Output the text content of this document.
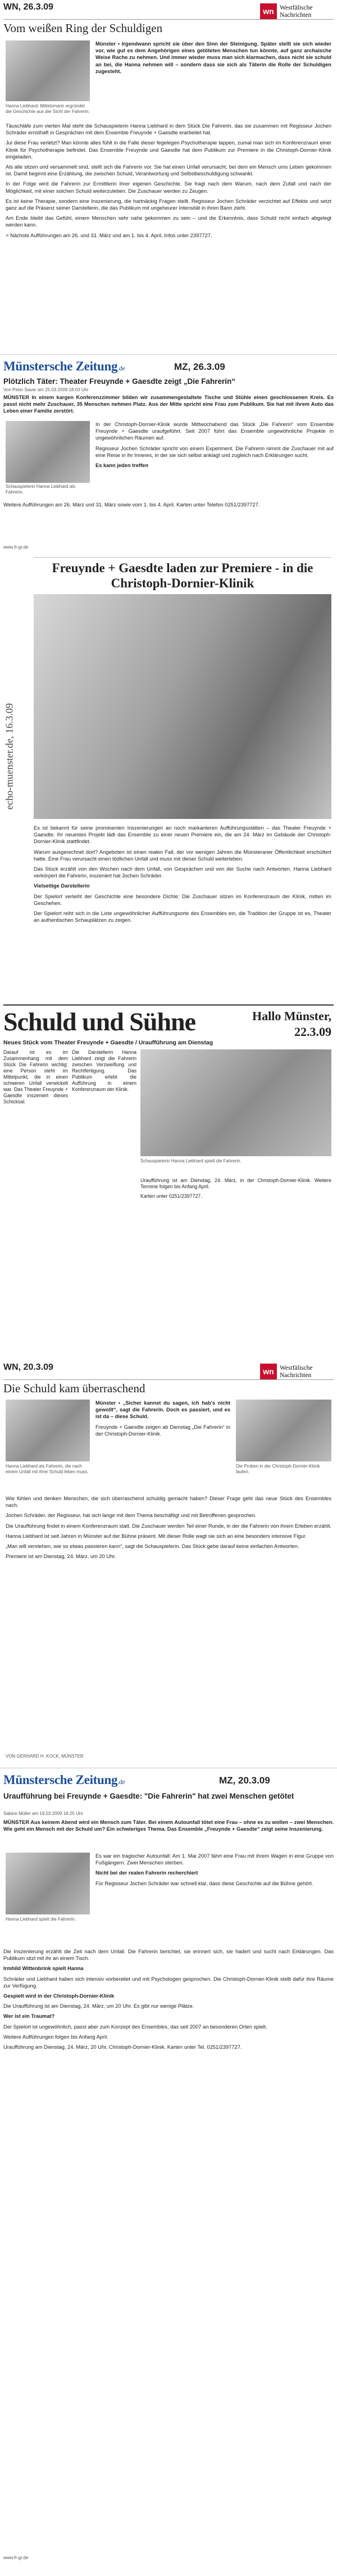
WN, 26.3.09	wn Westfälische
Nachrichten
Vom weißen Ring der Schuldigen
Hanna Liebhard: Mittelsmann ergründet die Geschichte aus der Sicht der Fahrerin.

Münster • Irgendwann spricht sie über den Sinn der Steinigung. Später stellt sie sich wieder vor, wie gut es dem Angehörigen eines getöteten Menschen tun könnte, auf ganz archaische Weise Rache zu nehmen. Und immer wieder muss man sich klarmachen, dass nicht sie schuld an bei, die Hanna nehmen will – sondern dass sie sich als Täterin die Rolle der Schuldigen zugesteht.

Täuschläfe zum vierten Mal steht die Schauspielerin Hanna Liebhard in dem Stück Die Fahrerin, das sie zusammen mit Regisseur Jochen Schräder ernsthaft in Gesprächen mit dem Ensemble Freuynde + Gaesdte erarbeitet hat.

Jul diese Frau verletzt? Man könnte alles fühlt in die Falle dieser fegelegen Psychotherapie tappen, zumal man sich im Konferenzraum einer Klinik für Psychotherapie befindet. Das Ensemble Freuynde und Gaesdte hat dem Publikum zur Premiere in die Christoph-Dornier-Klinik eingeladen.

Als alle sitzen und versammelt sind, stellt sich die Fahrerin vor. Sie hat einen Unfall verursacht, bei dem ein Mensch ums Leben gekommen ist. Damit beginnt eine Erzählung, die zwischen Schuld, Verantwortung und Selbstbeschuldigung schwankt.

In der Folge wird die Fahrerin zur Ermittlerin ihrer eigenen Geschichte. Sie fragt nach dem Warum, nach dem Zufall und nach der Möglichkeit, mit einer solchen Schuld weiterzuleben. Die Zuschauer werden zu Zeugen.

Es ist keine Therapie, sondern eine Inszenierung, die hartnäckig Fragen stellt. Regisseur Jochen Schräder verzichtet auf Effekte und setzt ganz auf die Präsenz seiner Darstellerin, die das Publikum mit ungeheurer Intensität in ihren Bann zieht.

Am Ende bleibt das Gefühl, einem Menschen sehr nahe gekommen zu sein – und die Erkenntnis, dass Schuld nicht einfach abgelegt werden kann.

> Nächste Aufführungen am 26. und 31. März und am 1. bis 4. April, Infos unter 2397727.

Münstersche Zeitung.de	MZ, 26.3.09
Plötzlich Täter: Theater Freuynde + Gaesdte zeigt „Die Fahrerin“
Von Peter Sauer am 25.03.2009 18:03 Uhr

MÜNSTER In einem kargen Konferenzzimmer bilden wir zusammengestaltete Tische und Stühle einen geschlossenen Kreis. Es passt nicht mehr Zuschauer, 35 Menschen nehmen Platz. Aus der Mitte spricht eine Frau zum Publikum. Sie hat mit ihrem Auto das Leben einer Familie zerstört.

Schauspielerin Hanna Liebhard als Fahrerin.

In der Christoph-Dornier-Klinik wurde Mittwochabend das Stück „Die Fahrerin“ vom Ensemble Freuynde + Gaesdte uraufgeführt. Seit 2007 führt das Ensemble ungewöhnliche Projekte in ungewöhnlichen Räumen auf.

Regisseur Jochen Schräder spricht von einem Experiment. Die Fahrerin nimmt die Zuschauer mit auf eine Reise in ihr Inneres, in der sie sich selbst anklagt und zugleich nach Erklärungen sucht.

Es kann jeden treffen

Weitere Aufführungen am 26. März und 31. März sowie vom 1. bis 4. April. Karten unter Telefon 0251/2397727.

www.fr-gr.de
Freuynde + Gaesdte laden zur Premiere - in die Christoph-Dornier-Klinik
echo-muenster.de, 16.3.09

Es ist bekannt für seine prominenten Inszenierungen an noch markanteren Aufführungsstätten – das Theater Freuynde + Gaesdte. Ihr neuestes Projekt lädt das Ensemble zu einer neuen Premiere ein, die am 24. März im Gebäude der Christoph-Dornier-Klinik stattfindet.

Warum ausgerechnet dort? Angeboten ist einen realen Fall, der vor wenigen Jahren die Münsteraner Öffentlichkeit erschüttert hatte. Eine Frau verursacht einen tödlichen Unfall und muss mit dieser Schuld weiterleben.

Das Stück erzählt von den Wochen nach dem Unfall, von Gesprächen und von der Suche nach Antworten. Hanna Liebhard verkörpert die Fahrerin, inszeniert hat Jochen Schräder.

Vielseitige Darstellerin

Der Spielort verleiht der Geschichte eine besondere Dichte: Die Zuschauer sitzen im Konferenzraum der Klinik, mitten im Geschehen.

Der Spielort reiht sich in die Liste ungewöhnlicher Aufführungsorte des Ensembles ein, die Tradition der Gruppe ist es, Theater an authentischen Schauplätzen zu zeigen.

Schuld und Sühne	Hallo Münster,
22.3.09
Neues Stück vom Theater Freuynde + Gaesdte / Uraufführung am Dienstag

Darauf ist es im Zusammenhang mit dem Stück Die Fahrerin wichtig: eine Person steht im Mittelpunkt, die in einen schweren Unfall verwickelt war. Das Theater Freuynde + Gaesdte inszeniert dieses Schicksal.

Die Darstellerin Hanna Liebhard zeigt die Fahrerin zwischen Verzweiflung und Rechtfertigung. Das Publikum erlebt die Aufführung in einem Konferenzraum der Klinik.

Schauspielerin Hanna Liebhard spielt die Fahrerin.

Uraufführung ist am Dienstag, 24. März, in der Christoph-Dornier-Klinik. Weitere Termine folgen bis Anfang April.

Karten unter 0251/2397727.

WN, 20.3.09	wn Westfälische
Nachrichten
Die Schuld kam überraschend
Hanna Liebhard als Fahrerin, die nach einem Unfall mit ihrer Schuld leben muss.

Münster • „Sicher kannst du sagen, ich hab's nicht gewollt“, sagt die Fahrerin. Doch es passiert, und es ist da – diese Schuld.

Freuynde + Gaesdte zeigen ab Dienstag „Die Fahrerin“ in der Christoph-Dornier-Klinik.

Die Proben in der Christoph-Dornier-Klinik laufen.

Wie fühlen und denken Menschen, die sich überraschend schuldig gemacht haben? Dieser Frage geht das neue Stück des Ensembles nach.

Jochen Schräder, der Regisseur, hat sich lange mit dem Thema beschäftigt und mit Betroffenen gesprochen.

Die Uraufführung findet in einem Konferenzraum statt. Die Zuschauer werden Teil einer Runde, in der die Fahrerin von ihrem Erleben erzählt.

Hanna Liebhard ist seit Jahren in Münster auf der Bühne präsent. Mit dieser Rolle wagt sie sich an eine besonders intensive Figur.

„Man will verstehen, wie so etwas passieren kann“, sagt die Schauspielerin. Das Stück gebe darauf keine einfachen Antworten.

Premiere ist am Dienstag, 24. März, um 20 Uhr.

VON GERHARD H. KOCK, MÜNSTER
Münstersche Zeitung.de	MZ, 20.3.09
Uraufführung bei Freuynde + Gaesdte: "Die Fahrerin" hat zwei Menschen getötet
Sabine Müller am 19.03.2009 16:25 Uhr

MÜNSTER Aus keinem Abend wird ein Mensch zum Täter. Bei einem Autounfall tötet eine Frau – ohne es zu wollen – zwei Menschen. Wie geht ein Mensch mit der Schuld um? Ein schwieriges Thema. Das Ensemble „Freuynde + Gaesdte“ zeigt seine Inszenierung.

Hanna Liebhard spielt die Fahrerin.

Es war ein tragischer Autounfall: Am 1. Mai 2007 fährt eine Frau mit ihrem Wagen in eine Gruppe von Fußgängern. Zwei Menschen sterben.

Nicht bei der realen Fahrerin recherchiert

Für Regisseur Jochen Schräder war schnell klar, dass diese Geschichte auf die Bühne gehört.

Die Inszenierung erzählt die Zeit nach dem Unfall. Die Fahrerin berichtet, sie erinnert sich, sie hadert und sucht nach Erklärungen. Das Publikum sitzt mit ihr an einem Tisch.

Irmhild Wittenbrink spielt Hanna

Schräder und Liebhard haben sich intensiv vorbereitet und mit Psychologen gesprochen. Die Christoph-Dornier-Klinik stellt dafür ihre Räume zur Verfügung.

Gespielt wird in der Christoph-Dornier-Klinik

Die Uraufführung ist am Dienstag, 24. März, um 20 Uhr. Es gibt nur wenige Plätze.

Wer ist ein Traumat?

Der Spielort ist ungewöhnlich, passt aber zum Konzept des Ensembles, das seit 2007 an besonderen Orten spielt.

Weitere Aufführungen folgen bis Anfang April.

Uraufführung am Dienstag, 24. März, 20 Uhr, Christoph-Dornier-Klinik. Karten unter Tel. 0251/2397727.

www.fr-gr.de
